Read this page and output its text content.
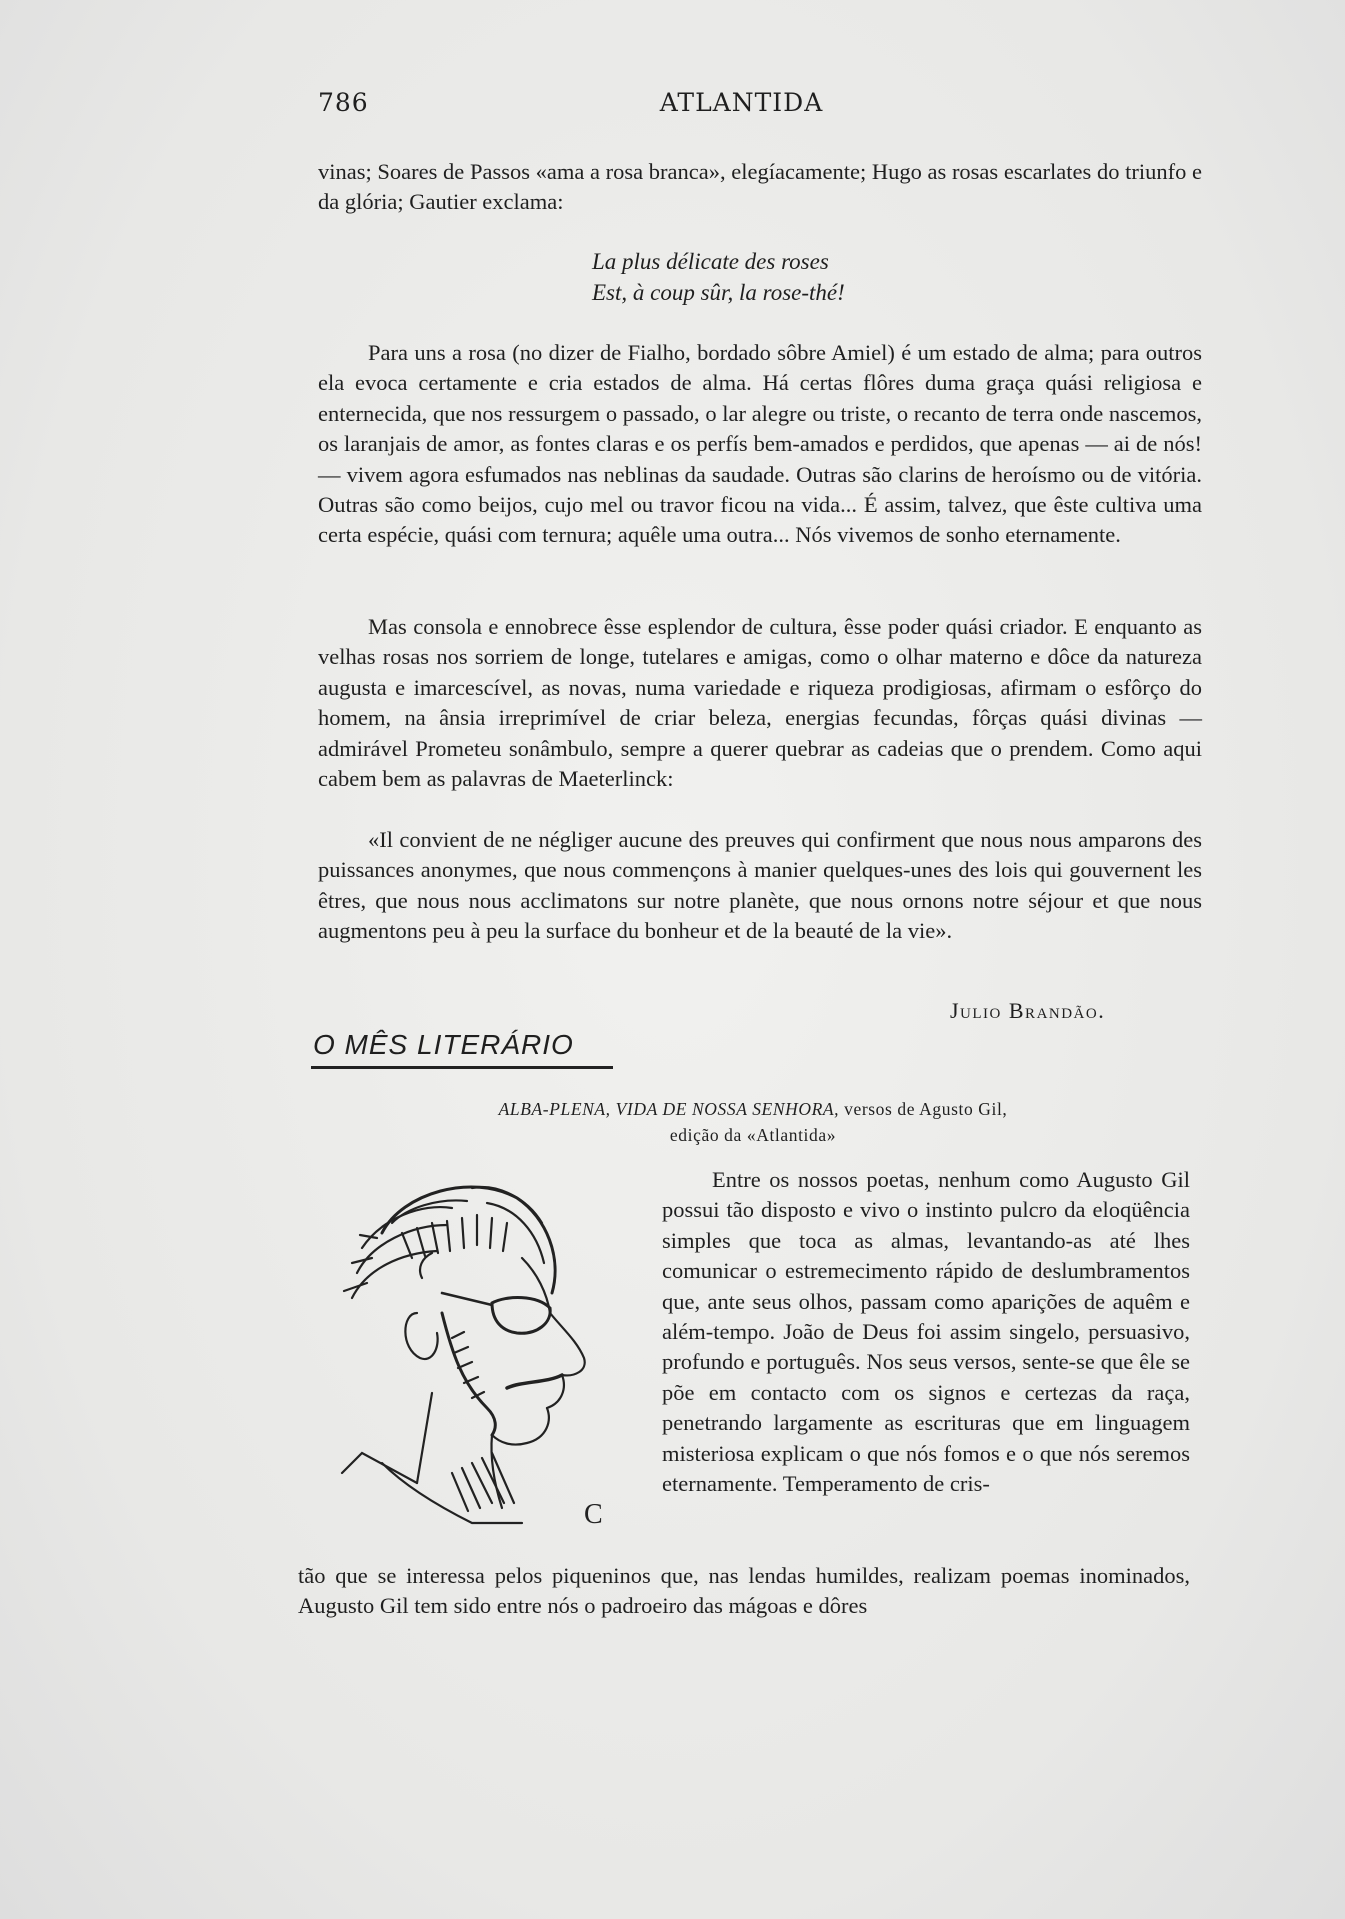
786	ATLANTIDA

vinas; Soares de Passos «ama a rosa branca», elegíacamente; Hugo as rosas escarlates do triunfo e da glória; Gautier exclama:

La plus délicate des roses
Est, à coup sûr, la rose-thé!

Para uns a rosa (no dizer de Fialho, bordado sôbre Amiel) é um estado de alma; para outros ela evoca certamente e cria estados de alma. Há certas flôres duma graça quási religiosa e enternecida, que nos ressurgem o passado, o lar alegre ou triste, o recanto de terra onde nascemos, os laranjais de amor, as fontes claras e os perfís bem-amados e perdidos, que apenas — ai de nós! — vivem agora esfumados nas neblinas da saudade. Outras são clarins de heroísmo ou de vitória. Outras são como beijos, cujo mel ou travor ficou na vida... É assim, talvez, que êste cultiva uma certa espécie, quási com ternura; aquêle uma outra... Nós vivemos de sonho eternamente.

Mas consola e ennobrece êsse esplendor de cultura, êsse poder quási criador. E enquanto as velhas rosas nos sorriem de longe, tutelares e amigas, como o olhar materno e dôce da natureza augusta e imarcescível, as novas, numa variedade e riqueza prodigiosas, afirmam o esfôrço do homem, na ânsia irreprimível de criar beleza, energias fecundas, fôrças quási divinas — admirável Prometeu sonâmbulo, sempre a querer quebrar as cadeias que o prendem. Como aqui cabem bem as palavras de Maeterlinck:

«Il convient de ne négliger aucune des preuves qui confirment que nous nous amparons des puissances anonymes, que nous commençons à manier quelques-unes des lois qui gouvernent les êtres, que nous nous acclimatons sur notre planète, que nous ornons notre séjour et que nous augmentons peu à peu la surface du bonheur et de la beauté de la vie».

Julio Brandão.
O MÊS LITERÁRIO
ALBA-PLENA, VIDA DE NOSSA SENHORA, versos de Agusto Gil,
edição da «Atlantida»
C

Entre os nossos poetas, nenhum como Augusto Gil possui tão disposto e vivo o instinto pulcro da eloqüência simples que toca as almas, levantando-as até lhes comunicar o estremecimento rápido de deslumbramentos que, ante seus olhos, passam como aparições de aquêm e além-tempo. João de Deus foi assim singelo, persuasivo, profundo e português. Nos seus versos, sente-se que êle se põe em contacto com os signos e certezas da raça, penetrando largamente as escrituras que em linguagem misteriosa explicam o que nós fomos e o que nós seremos eternamente. Temperamento de cris-

tão que se interessa pelos piqueninos que, nas lendas humildes, realizam poemas inominados, Augusto Gil tem sido entre nós o padroeiro das mágoas e dôres
